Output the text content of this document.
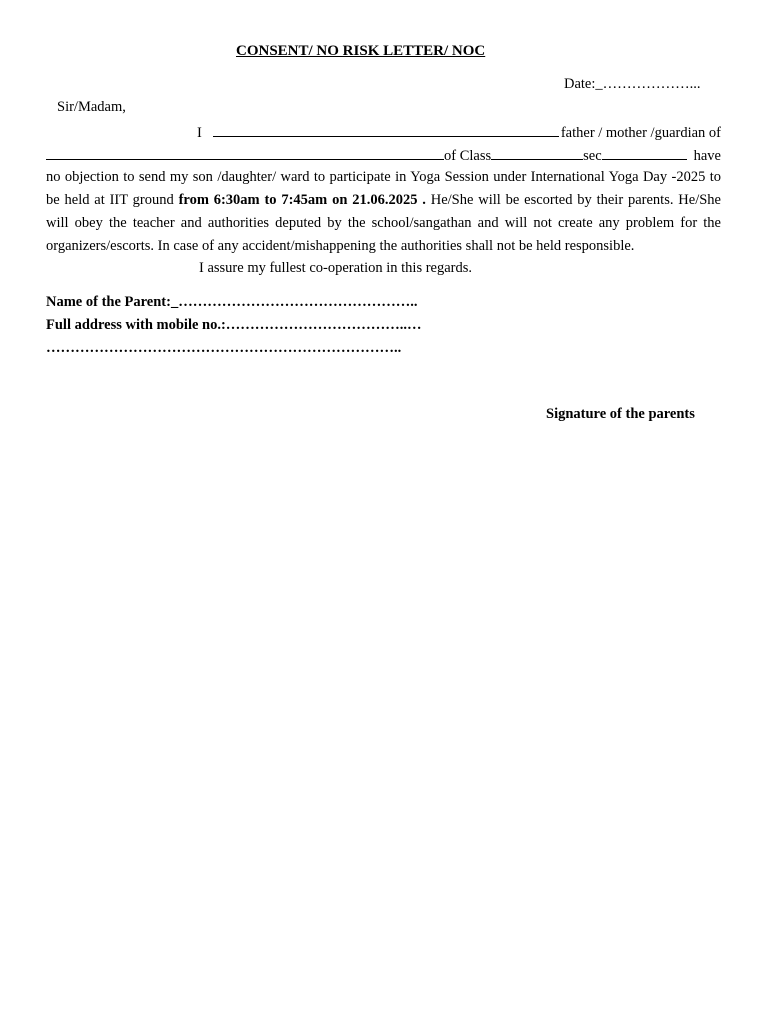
CONSENT/ NO RISK LETTER/ NOC
Date:_………………...
Sir/Madam,
I	father / mother /guardian of
of Class	sec	have

no objection to send my son /daughter/ ward to participate in Yoga Session under International Yoga Day -2025 to be held at IIT ground from 6:30am to 7:45am on 21.06.2025 . He/She will be escorted by their parents. He/She will obey the teacher and authorities deputed by the school/sangathan and will not create any problem for the organizers/escorts. In case of any accident/mishappening the authorities shall not be held responsible.

I assure my fullest co-operation in this regards.
Name of the Parent:_…………………………………………..
Full address with mobile no.:………………………………..…
………………………………………………………………..
Signature of the parents
